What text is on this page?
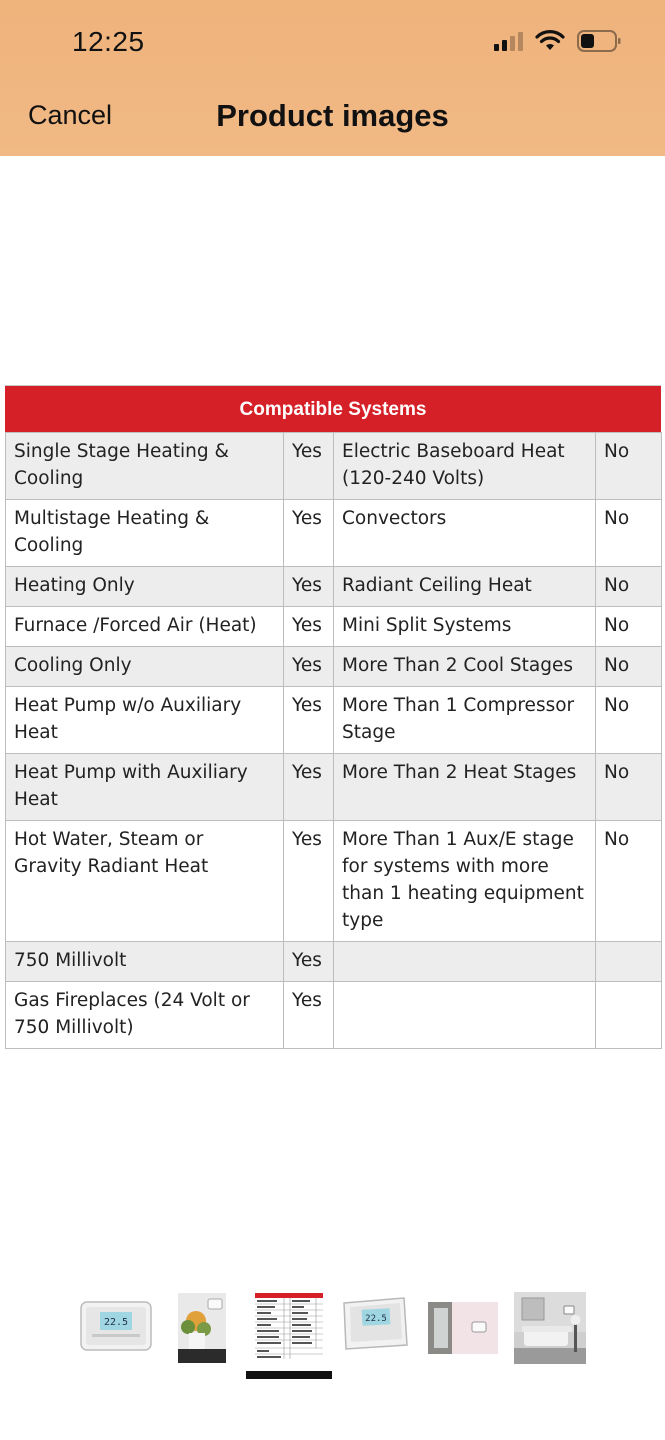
12:25
Cancel	Product images
Compatible Systems
Single Stage Heating & Cooling	Yes	Electric Baseboard Heat (120-240 Volts)	No
Multistage Heating & Cooling	Yes	Convectors	No
Heating Only	Yes	Radiant Ceiling Heat	No
Furnace /Forced Air (Heat)	Yes	Mini Split Systems	No
Cooling Only	Yes	More Than 2 Cool Stages	No
Heat Pump w/o Auxiliary Heat	Yes	More Than 1 Compressor Stage	No
Heat Pump with Auxiliary Heat	Yes	More Than 2 Heat Stages	No
Hot Water, Steam or Gravity Radiant Heat	Yes	More Than 1 Aux/E stage for systems with more than 1 heating equipment type	No
750 Millivolt	Yes		
Gas Fireplaces (24 Volt or 750 Millivolt)	Yes		
22.5	22.5
